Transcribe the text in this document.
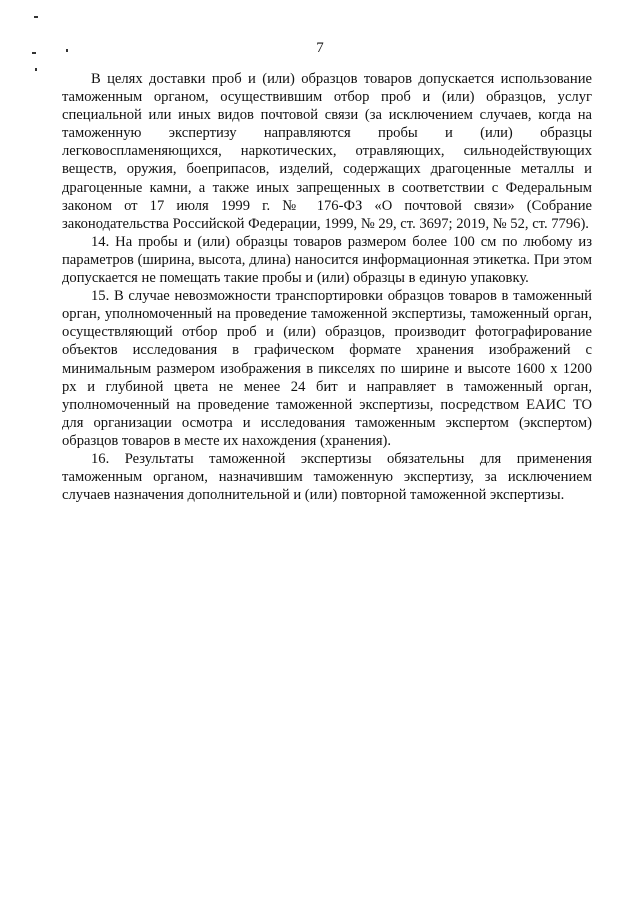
7

В целях доставки проб и (или) образцов товаров допускается использование таможенным органом, осуществившим отбор проб и (или) образцов, услуг специальной или иных видов почтовой связи (за исключением случаев, когда на таможенную экспертизу направляются пробы и (или) образцы легковоспламеняющихся, наркотических, отравляющих, сильнодействующих веществ, оружия, боеприпасов, изделий, содержащих драгоценные металлы и драгоценные камни, а также иных запрещенных в соответствии с Федеральным законом от 17 июля 1999 г. № 176-ФЗ «О почтовой связи» (Собрание законодательства Российской Федерации, 1999, № 29, ст. 3697; 2019, № 52, ст. 7796).

14. На пробы и (или) образцы товаров размером более 100 см по любому из параметров (ширина, высота, длина) наносится информационная этикетка. При этом допускается не помещать такие пробы и (или) образцы в единую упаковку.

15. В случае невозможности транспортировки образцов товаров в таможенный орган, уполномоченный на проведение таможенной экспертизы, таможенный орган, осуществляющий отбор проб и (или) образцов, производит фотографирование объектов исследования в графическом формате хранения изображений с минимальным размером изображения в пикселях по ширине и высоте 1600 х 1200 px и глубиной цвета не менее 24 бит и направляет в таможенный орган, уполномоченный на проведение таможенной экспертизы, посредством ЕАИС ТО для организации осмотра и исследования таможенным экспертом (экспертом) образцов товаров в месте их нахождения (хранения).

16. Результаты таможенной экспертизы обязательны для применения таможенным органом, назначившим таможенную экспертизу, за исключением случаев назначения дополнительной и (или) повторной таможенной экспертизы.
